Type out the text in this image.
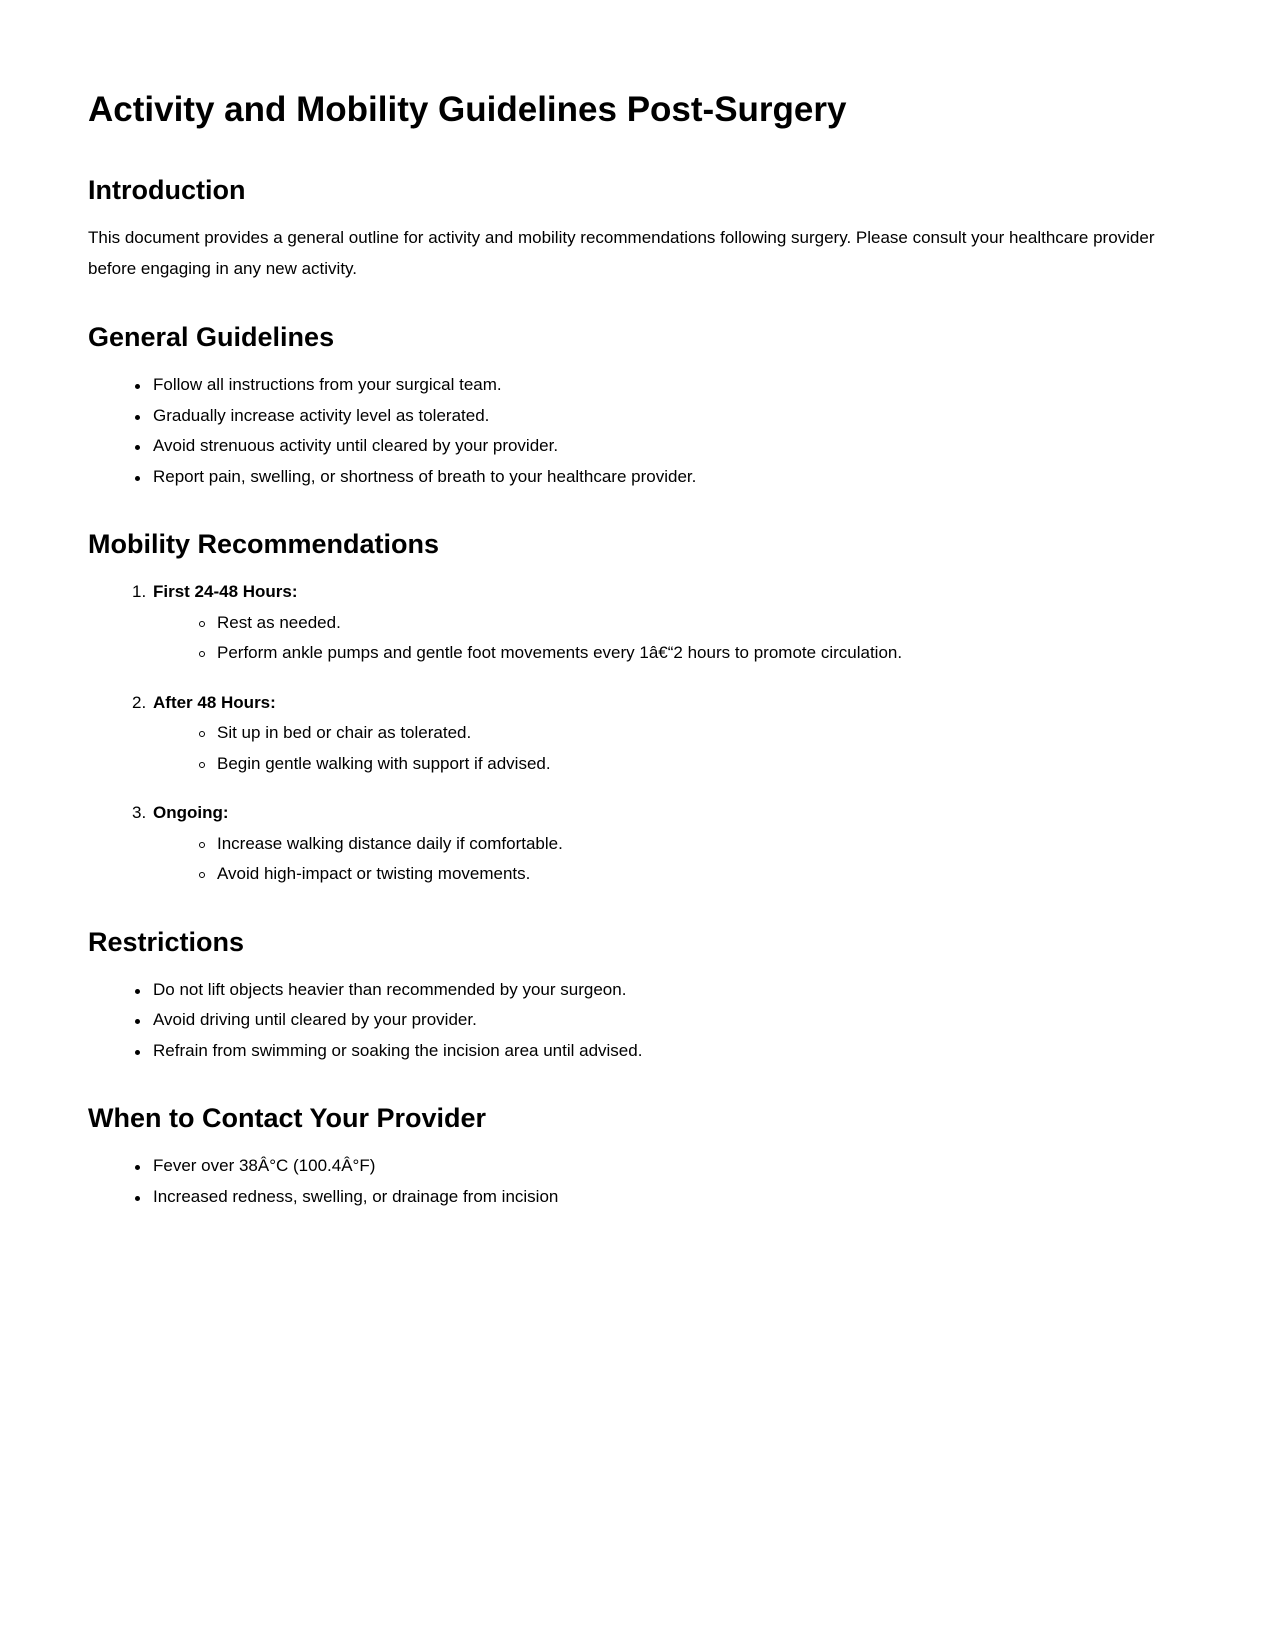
Activity and Mobility Guidelines Post-Surgery
Introduction

This document provides a general outline for activity and mobility recommendations following surgery. Please consult your healthcare provider before engaging in any new activity.

General Guidelines
Follow all instructions from your surgical team.
Gradually increase activity level as tolerated.
Avoid strenuous activity until cleared by your provider.
Report pain, swelling, or shortness of breath to your healthcare provider.
Mobility Recommendations
1. First 24-48 Hours:
Rest as needed.
Perform ankle pumps and gentle foot movements every 1â€“2 hours to promote circulation.
2. After 48 Hours:
Sit up in bed or chair as tolerated.
Begin gentle walking with support if advised.
3. Ongoing:
Increase walking distance daily if comfortable.
Avoid high-impact or twisting movements.
Restrictions
Do not lift objects heavier than recommended by your surgeon.
Avoid driving until cleared by your provider.
Refrain from swimming or soaking the incision area until advised.
When to Contact Your Provider
Fever over 38Â°C (100.4Â°F)
Increased redness, swelling, or drainage from incision
